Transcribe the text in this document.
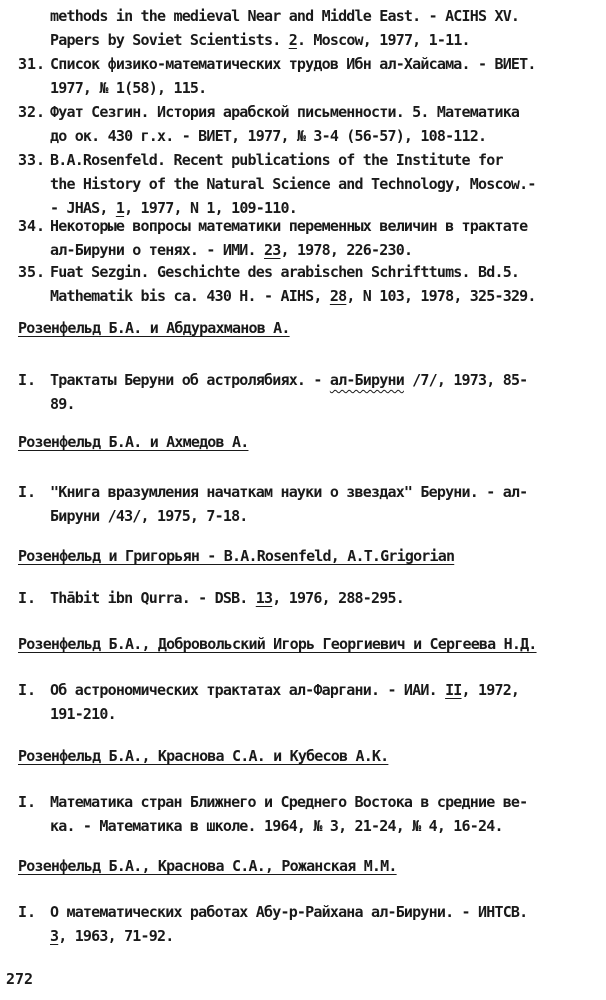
methods in the medieval Near and Middle East. - ACIHS XV.
Papers by Soviet Scientists. 2. Moscow, 1977, 1-11.
31. Список физико-математических трудов Ибн ал-Хайсама. - ВИЕТ.
1977, № 1(58), 115.
32. Фуат Сезгин. История арабской письменности. 5. Математика
до ок. 430 г.х. - ВИЕТ, 1977, № 3-4 (56-57), 108-112.
33. B.A.Rosenfeld. Recent publications of the Institute for
the History of the Natural Science and Technology, Moscow.-
- JHAS, 1, 1977, N 1, 109-110.
34. Некоторые вопросы математики переменных величин в трактате
ал-Бируни о тенях. - ИМИ. 23, 1978, 226-230.
35. Fuat Sezgin. Geschichte des arabischen Schrifttums. Bd.5.
Mathematik bis ca. 430 H. - AIHS, 28, N 103, 1978, 325-329.
Розенфельд Б.А. и Абдурахманов А.
I. Трактаты Беруни об астролябиях. - ал-Бируни /7/, 1973, 85-
89.
Розенфельд Б.А. и Ахмедов А.
I. "Книга вразумления начаткам науки о звездах" Беруни. - ал-
Бируни /43/, 1975, 7-18.
Розенфельд и Григорьян - B.A.Rosenfeld, A.T.Grigorian
I. Thābit ibn Qurra. - DSB. 13, 1976, 288-295.
Розенфельд Б.А., Добровольский Игорь Георгиевич и Сергеева Н.Д.
I. Об астрономических трактатах ал-Фаргани. - ИАИ. II, 1972,
191-210.
Розенфельд Б.А., Краснова С.А. и Кубесов А.К.
I. Математика стран Ближнего и Среднего Востока в средние ве-
ка. - Математика в школе. 1964, № 3, 21-24, № 4, 16-24.
Розенфельд Б.А., Краснова С.А., Рожанская М.М.
I. О математических работах Абу-р-Райхана ал-Бируни. - ИНТСВ.
3, 1963, 71-92.
272
